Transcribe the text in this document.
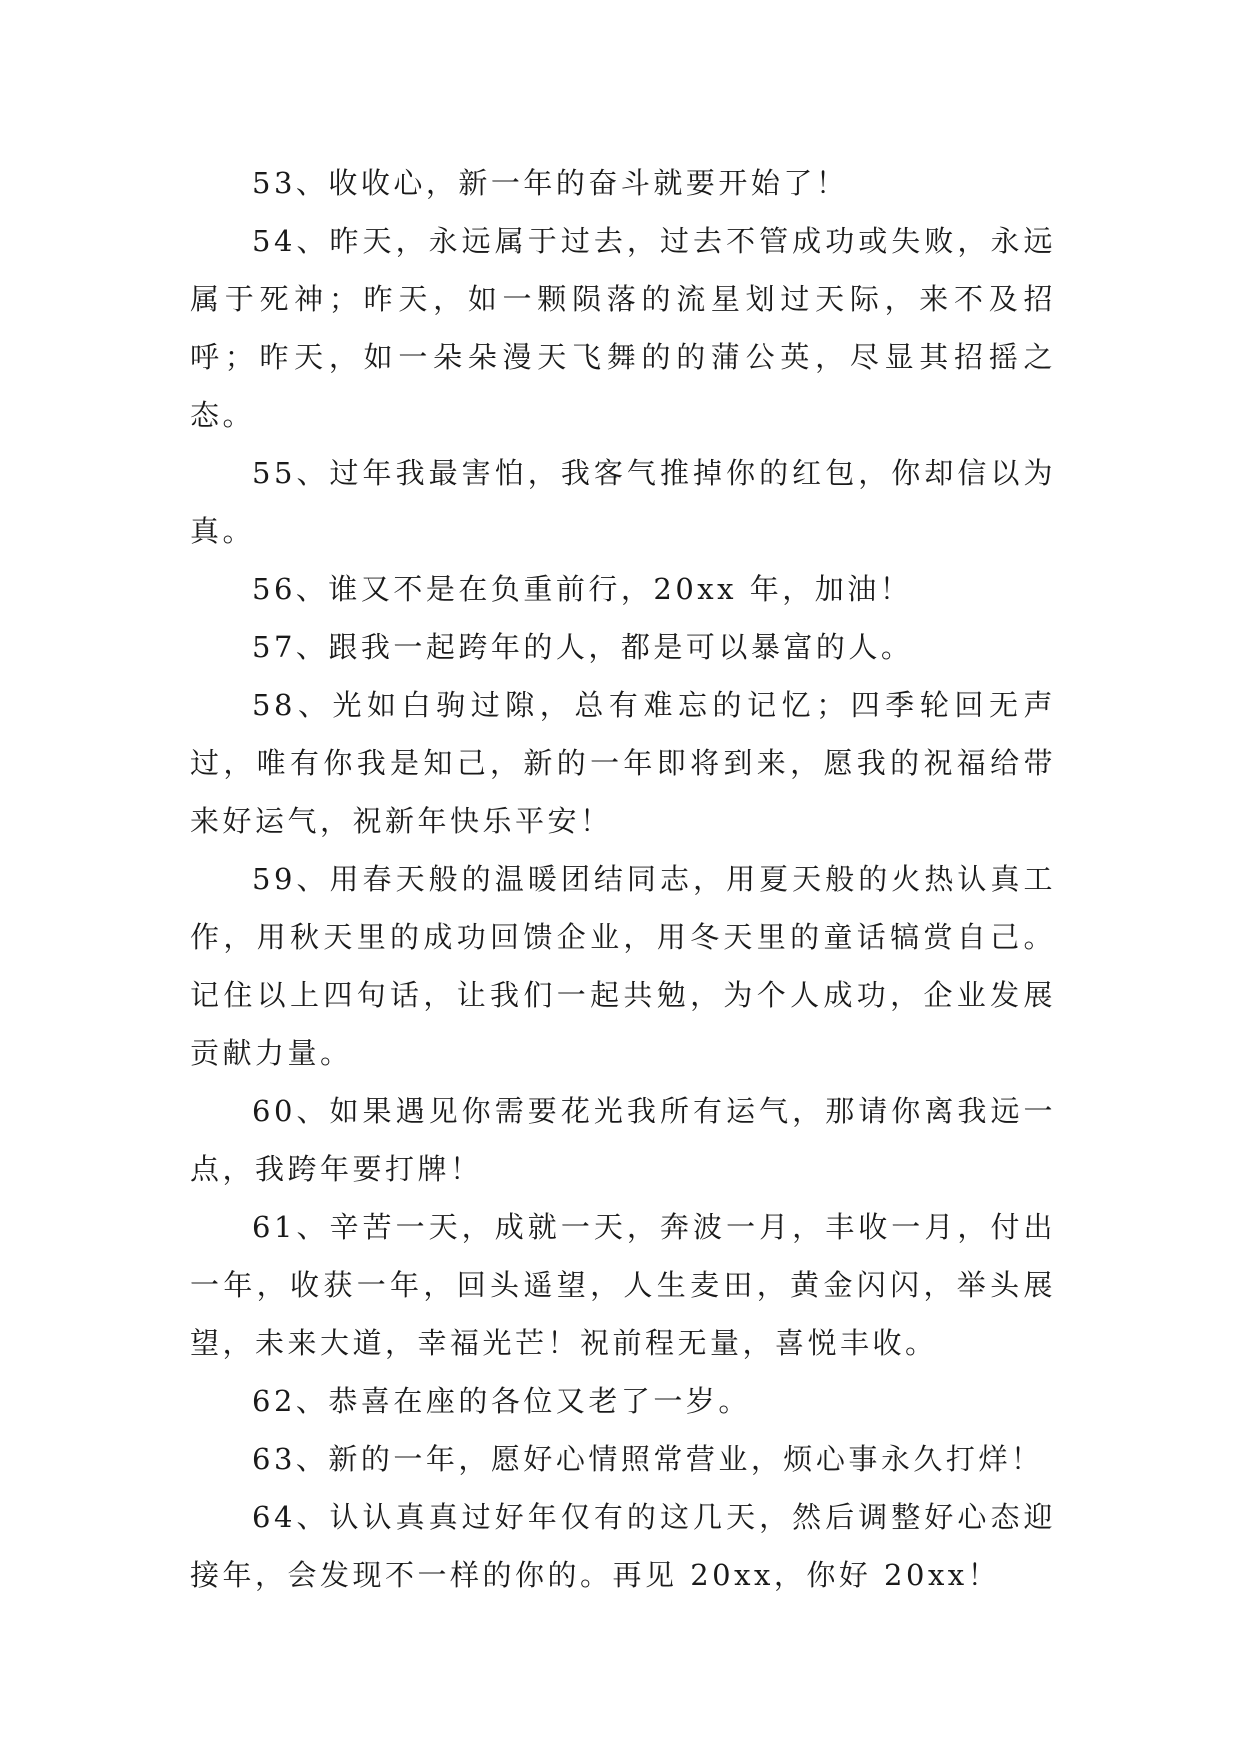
53、收收心，新一年的奋斗就要开始了！

54、昨天，永远属于过去，过去不管成功或失败，永远属于死神；昨天，如一颗陨落的流星划过天际，来不及招呼；昨天，如一朵朵漫天飞舞的的蒲公英，尽显其招摇之态。

55、过年我最害怕，我客气推掉你的红包，你却信以为真。

56、谁又不是在负重前行，20xx 年，加油！

57、跟我一起跨年的人，都是可以暴富的人。

58、光如白驹过隙，总有难忘的记忆；四季轮回无声过，唯有你我是知己，新的一年即将到来，愿我的祝福给带来好运气，祝新年快乐平安！

59、用春天般的温暖团结同志，用夏天般的火热认真工作，用秋天里的成功回馈企业，用冬天里的童话犒赏自己。记住以上四句话，让我们一起共勉，为个人成功，企业发展贡献力量。

60、如果遇见你需要花光我所有运气，那请你离我远一点，我跨年要打牌！

61、辛苦一天，成就一天，奔波一月，丰收一月，付出一年，收获一年，回头遥望，人生麦田，黄金闪闪，举头展望，未来大道，幸福光芒！祝前程无量，喜悦丰收。

62、恭喜在座的各位又老了一岁。

63、新的一年，愿好心情照常营业，烦心事永久打烊！

64、认认真真过好年仅有的这几天，然后调整好心态迎接年，会发现不一样的你的。再见 20xx，你好 20xx！
